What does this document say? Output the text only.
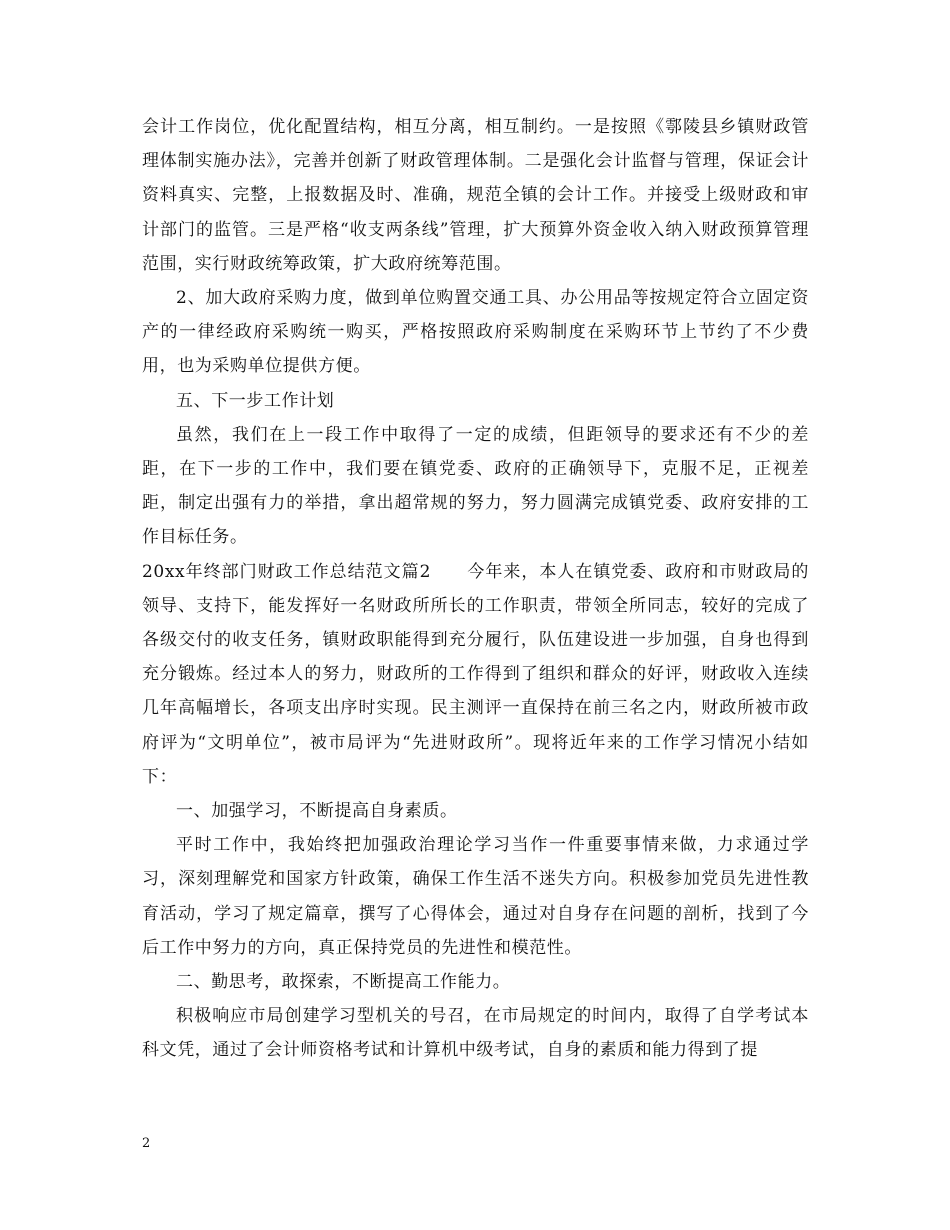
会计工作岗位，优化配置结构，相互分离，相互制约。一是按照《鄠陵县乡镇财政管理体制实施办法》，完善并创新了财政管理体制。二是强化会计监督与管理，保证会计资料真实、完整，上报数据及时、准确，规范全镇的会计工作。并接受上级财政和审计部门的监管。三是严格“收支两条线”管理，扩大预算外资金收入纳入财政预算管理范围，实行财政统筹政策，扩大政府统筹范围。

2、加大政府采购力度，做到单位购置交通工具、办公用品等按规定符合立固定资产的一律经政府采购统一购买，严格按照政府采购制度在采购环节上节约了不少费用，也为采购单位提供方便。

五、下一步工作计划

虽然，我们在上一段工作中取得了一定的成绩，但距领导的要求还有不少的差距，在下一步的工作中，我们要在镇党委、政府的正确领导下，克服不足，正视差距，制定出强有力的举措，拿出超常规的努力，努力圆满完成镇党委、政府安排的工作目标任务。

20xx年终部门财政工作总结范文篇2　　今年来，本人在镇党委、政府和市财政局的领导、支持下，能发挥好一名财政所所长的工作职责，带领全所同志，较好的完成了各级交付的收支任务，镇财政职能得到充分履行，队伍建设进一步加强，自身也得到充分锻炼。经过本人的努力，财政所的工作得到了组织和群众的好评，财政收入连续几年高幅增长，各项支出序时实现。民主测评一直保持在前三名之内，财政所被市政府评为“文明单位”，被市局评为“先进财政所”。现将近年来的工作学习情况小结如下：

一、加强学习，不断提高自身素质。

平时工作中，我始终把加强政治理论学习当作一件重要事情来做，力求通过学习，深刻理解党和国家方针政策，确保工作生活不迷失方向。积极参加党员先进性教育活动，学习了规定篇章，撰写了心得体会，通过对自身存在问题的剖析，找到了今后工作中努力的方向，真正保持党员的先进性和模范性。

二、勤思考，敢探索，不断提高工作能力。

积极响应市局创建学习型机关的号召，在市局规定的时间内，取得了自学考试本科文凭，通过了会计师资格考试和计算机中级考试，自身的素质和能力得到了提

2
